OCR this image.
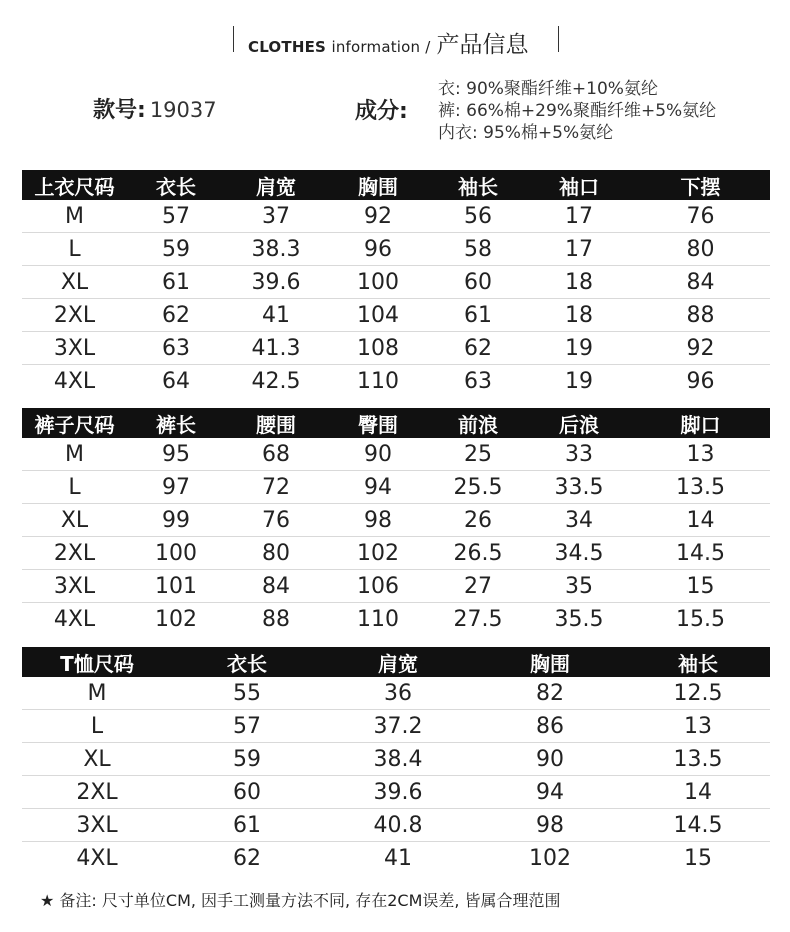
CLOTHES information / 产品信息
款号: 19037	成分:
衣: 90%聚酯纤维+10%氨纶
裤: 66%棉+29%聚酯纤维+5%氨纶
内衣: 95%棉+5%氨纶
上衣尺码	衣长	肩宽	胸围	袖长	袖口	下摆
M	57	37	92	56	17	76
L	59	38.3	96	58	17	80
XL	61	39.6	100	60	18	84
2XL	62	41	104	61	18	88
3XL	63	41.3	108	62	19	92
4XL	64	42.5	110	63	19	96
裤子尺码	裤长	腰围	臀围	前浪	后浪	脚口
M	95	68	90	25	33	13
L	97	72	94	25.5	33.5	13.5
XL	99	76	98	26	34	14
2XL	100	80	102	26.5	34.5	14.5
3XL	101	84	106	27	35	15
4XL	102	88	110	27.5	35.5	15.5
T恤尺码	衣长	肩宽	胸围	袖长
M	55	36	82	12.5
L	57	37.2	86	13
XL	59	38.4	90	13.5
2XL	60	39.6	94	14
3XL	61	40.8	98	14.5
4XL	62	41	102	15
★ 备注: 尺寸单位CM, 因手工测量方法不同, 存在2CM误差, 皆属合理范围
